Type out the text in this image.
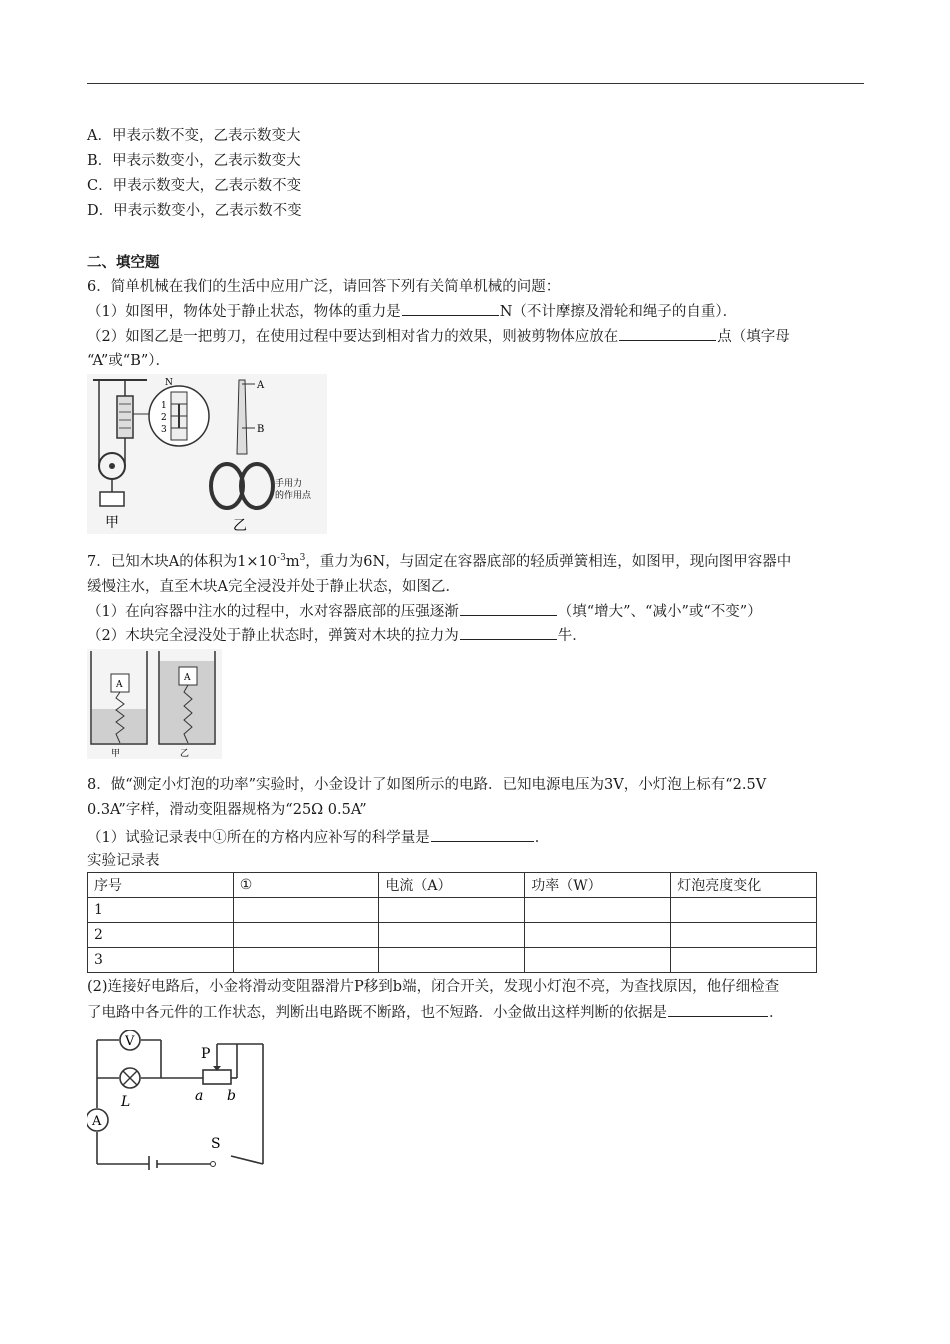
A．甲表示数不变，乙表示数变大
B．甲表示数变小，乙表示数变大
C．甲表示数变大，乙表示数不变
D．甲表示数变小，乙表示数不变
二、填空题
6．简单机械在我们的生活中应用广泛，请回答下列有关简单机械的问题：
（1）如图甲，物体处于静止状态，物体的重力是	N（不计摩擦及滑轮和绳子的自重）．
（2）如图乙是一把剪刀，在使用过程中要达到相对省力的效果，则被剪物体应放在	点（填字母
“A”或“B”）．
N
1
2
3
甲
A
B
手用力
的作用点
乙
7．已知木块A的体积为$1\times 10^{-3}m^3$，重力为6N，与固定在容器底部的轻质弹簧相连，如图甲，现向图甲容器中
缓慢注水，直至木块A完全浸没并处于静止状态，如图乙．
（1）在向容器中注水的过程中，水对容器底部的压强逐渐	（填“增大”、“减小”或“不变”）
（2）木块完全浸没处于静止状态时，弹簧对木块的拉力为	牛．
A
甲
A
乙
8．做“测定小灯泡的功率”实验时，小金设计了如图所示的电路．已知电源电压为3V，小灯泡上标有“2.5V
0.3A”字样，滑动变阻器规格为“25Ω 0.5A”
（1）试验记录表中①所在的方格内应补写的科学量是	．
实验记录表
序号	①	电流（A）	功率（W）	灯泡亮度变化
1				
2				
3				
(2)连接好电路后，小金将滑动变阻器滑片P移到b端，闭合开关，发现小灯泡不亮，为查找原因，他仔细检查
了电路中各元件的工作状态，判断出电路既不断路，也不短路．小金做出这样判断的依据是	．
V
L
A
P
a b
S
